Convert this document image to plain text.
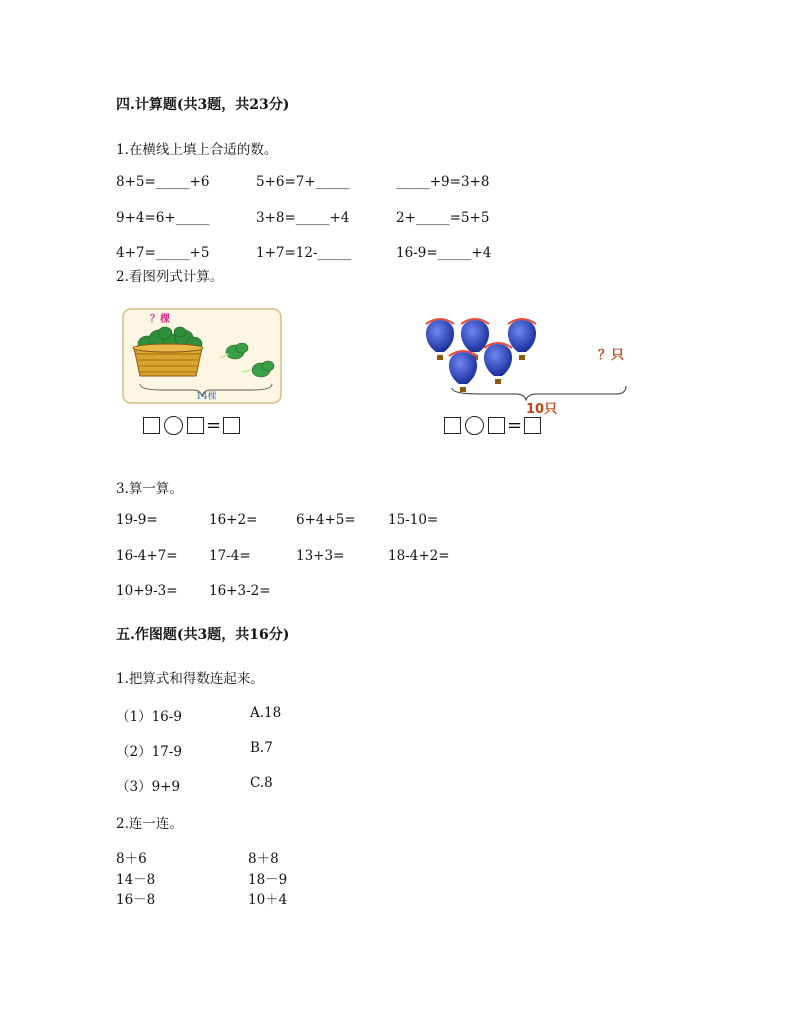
四.计算题(共3题，共23分)
1.在横线上填上合适的数。
8+5=_____+6	5+6=7+_____	_____+9=3+8
9+4=6+_____	3+8=_____+4	2+_____=5+5
4+7=_____+5	1+7=12-_____	16-9=_____+4
2.看图列式计算。
？棵
14棵
=
？只
10只
=
3.算一算。
19-9=	16+2=	6+4+5= 15-10=
16-4+7= 17-4=	13+3=	18-4+2=
10+9-3= 16+3-2=
五.作图题(共3题，共16分)
1.把算式和得数连起来。
（1）16-9	A.18
（2）17-9	B.7
（3）9+9	C.8
2.连一连。
8＋6	8＋8
14－8	18－9
16－8	10＋4
